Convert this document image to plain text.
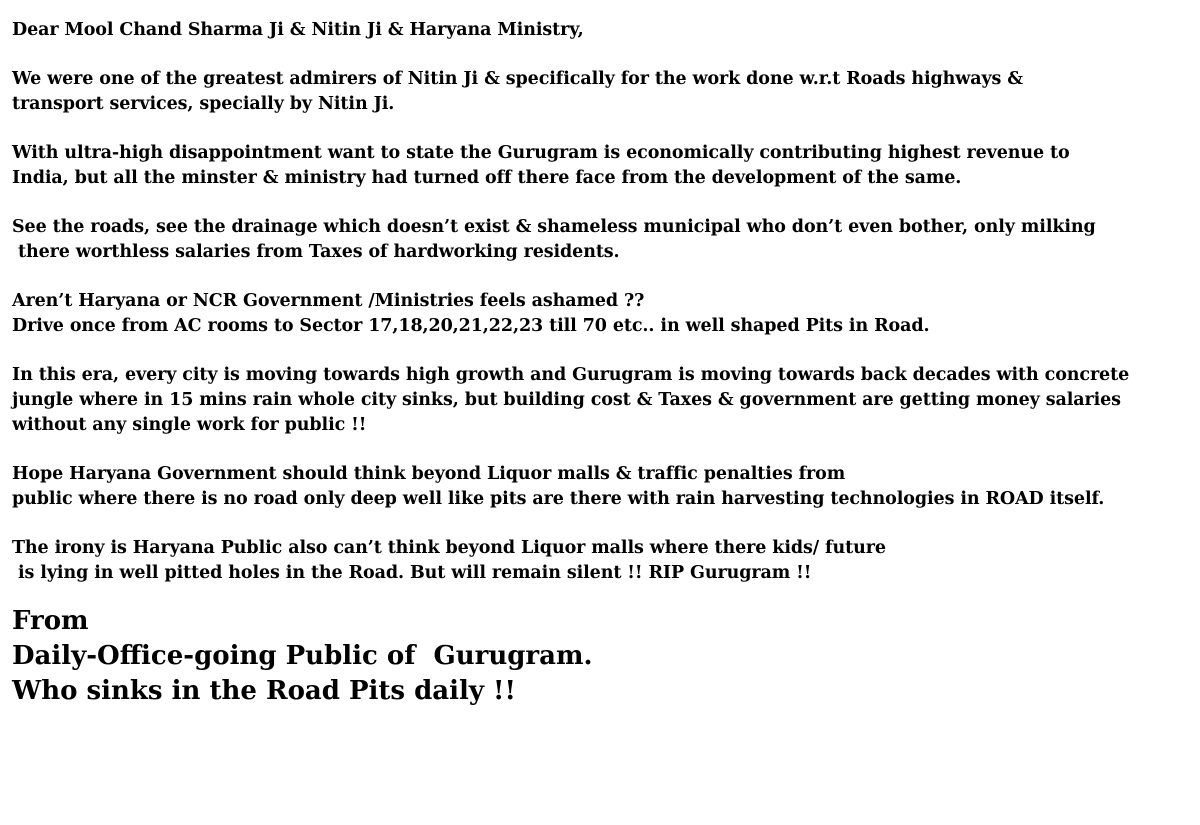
Dear Mool Chand Sharma Ji & Nitin Ji & Haryana Ministry,
We were one of the greatest admirers of Nitin Ji & specifically for the work done w.r.t Roads highways &
transport services, specially by Nitin Ji.
With ultra-high disappointment want to state the Gurugram is economically contributing highest revenue to
India, but all the minster & ministry had turned off there face from the development of the same.
See the roads, see the drainage which doesn’t exist & shameless municipal who don’t even bother, only milking
there worthless salaries from Taxes of hardworking residents.
Aren’t Haryana or NCR Government /Ministries feels ashamed ??
Drive once from AC rooms to Sector 17,18,20,21,22,23 till 70 etc.. in well shaped Pits in Road.
In this era, every city is moving towards high growth and Gurugram is moving towards back decades with concrete
jungle where in 15 mins rain whole city sinks, but building cost & Taxes & government are getting money salaries
without any single work for public !!
Hope Haryana Government should think beyond Liquor malls & traffic penalties from
public where there is no road only deep well like pits are there with rain harvesting technologies in ROAD itself.
The irony is Haryana Public also can’t think beyond Liquor malls where there kids/ future
is lying in well pitted holes in the Road. But will remain silent !! RIP Gurugram !!
From
Daily-Office-going Public of  Gurugram.
Who sinks in the Road Pits daily !!
